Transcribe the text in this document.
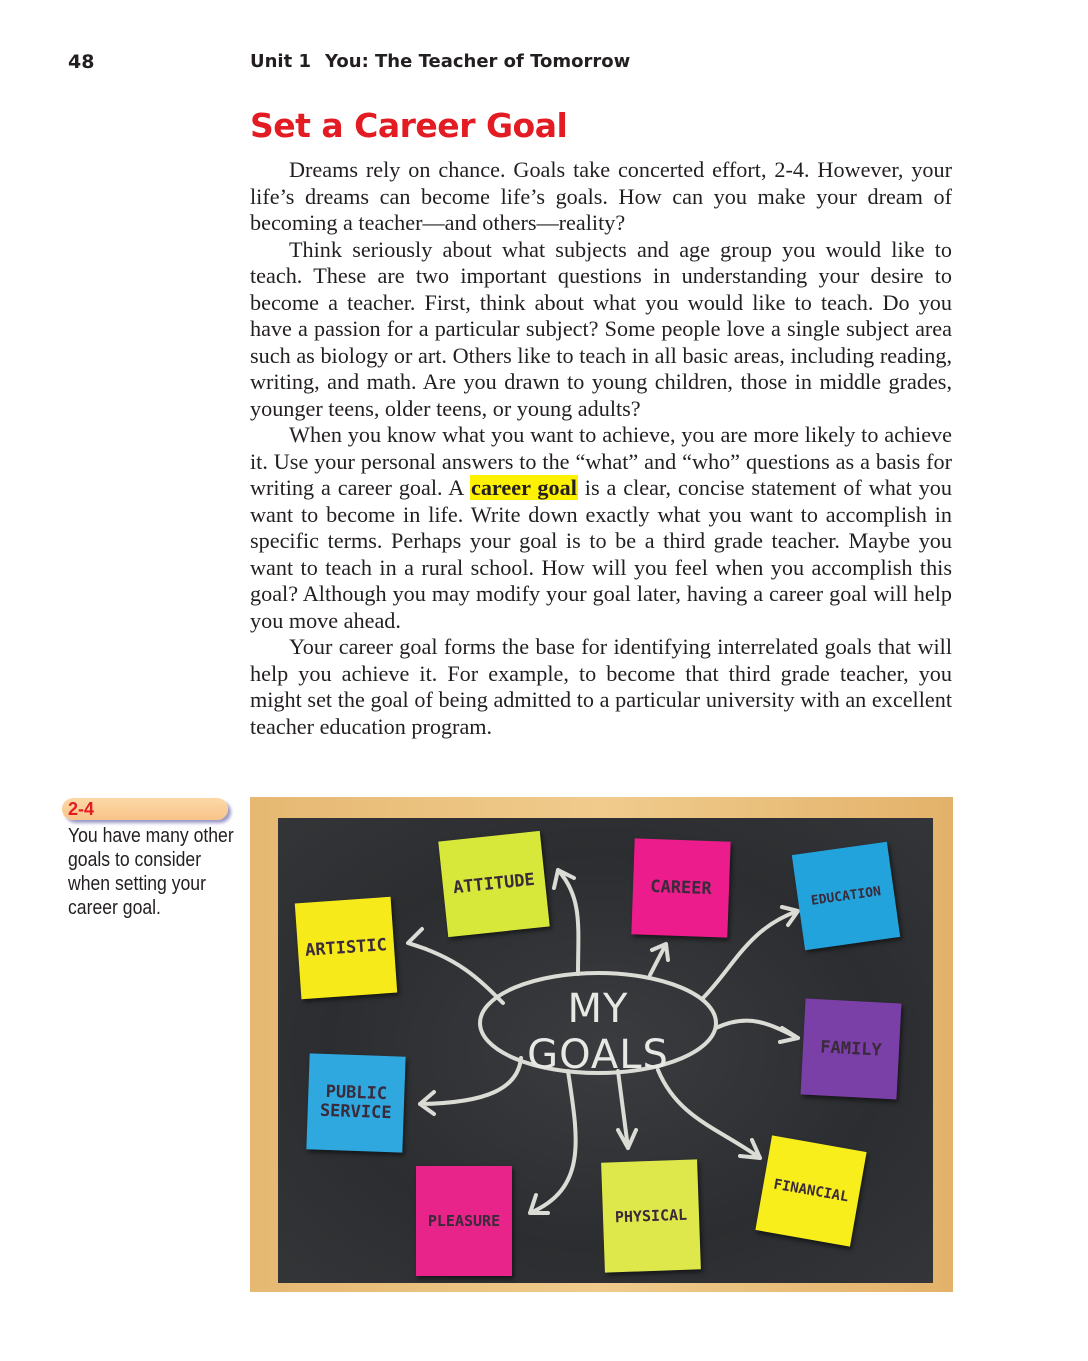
48	Unit 1 You: The Teacher of Tomorrow
Set a Career Goal

Dreams rely on chance. Goals take concerted effort, 2-4. However, your life’s dreams can become life’s goals. How can you make your dream of becoming a teacher—and others—reality?

Think seriously about what subjects and age group you would like to teach. These are two important questions in understanding your desire to become a teacher. First, think about what you would like to teach. Do you have a passion for a particular subject? Some people love a single subject area such as biology or art. Others like to teach in all basic areas, including reading, writing, and math. Are you drawn to young children, those in middle grades, younger teens, older teens, or young adults?

When you know what you want to achieve, you are more likely to achieve it. Use your personal answers to the “what” and “who” questions as a basis for writing a career goal. A career goal is a clear, concise statement of what you want to become in life. Write down exactly what you want to accomplish in specific terms. Perhaps your goal is to be a third grade teacher. Maybe you want to teach in a rural school. How will you feel when you accomplish this goal? Although you may modify your goal later, having a career goal will help you move ahead.

Your career goal forms the base for identifying interrelated goals that will help you achieve it. For example, to become that third grade teacher, you might set the goal of being admitted to a particular university with an excellent teacher education program.

2-4
You have many other goals to consider when setting your career goal.
MY GOALS
ARTISTIC
ATTITUDE	CAREER	EDUCATION
FAMILY
PUBLIC SERVICE
PLEASURE	PHYSICAL
FINANCIAL
